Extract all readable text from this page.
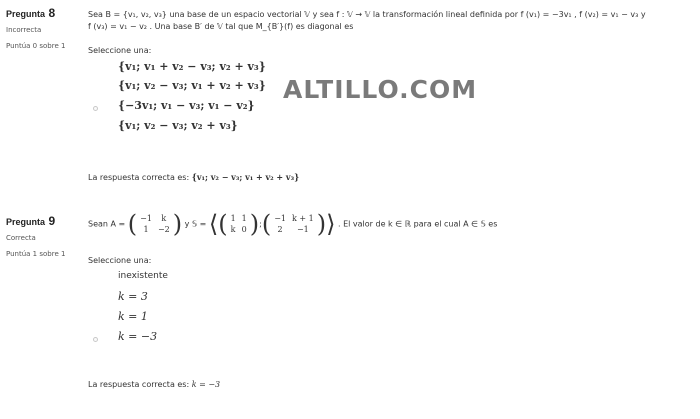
ALTILLO.COM
Pregunta 8
Incorrecta
Puntúa 0 sobre 1
Sea B = {v₁, v₂, v₃} una base de un espacio vectorial 𝕍 y sea f : 𝕍 → 𝕍 la transformación lineal definida por f (v₁) = −3v₁ , f (v₂) = v₁ − v₃ y
f (v₃) = v₁ − v₂ . Una base B′ de 𝕍 tal que M_{B′}(f) es diagonal es
Seleccione una:
{v₁; v₁ + v₂ − v₃; v₂ + v₃}
{v₁; v₂ − v₃; v₁ + v₂ + v₃}
{−3v₁; v₁ − v₃; v₁ − v₂}
{v₁; v₂ − v₃; v₂ + v₃}
La respuesta correcta es: {v₁; v₂ − v₃; v₁ + v₂ + v₃}
Pregunta 9
Correcta
Puntúa 1 sobre 1
Sean A = ( −1	k
1	−2 ) y 𝕊 = ⟨( 1	1
k	0 );( −1	k + 1
2	−1 )⟩ . El valor de k ∈ ℝ para el cual A ∈ 𝕊 es
Seleccione una:
inexistente
k = 3
k = 1
k = −3
La respuesta correcta es: k = −3
